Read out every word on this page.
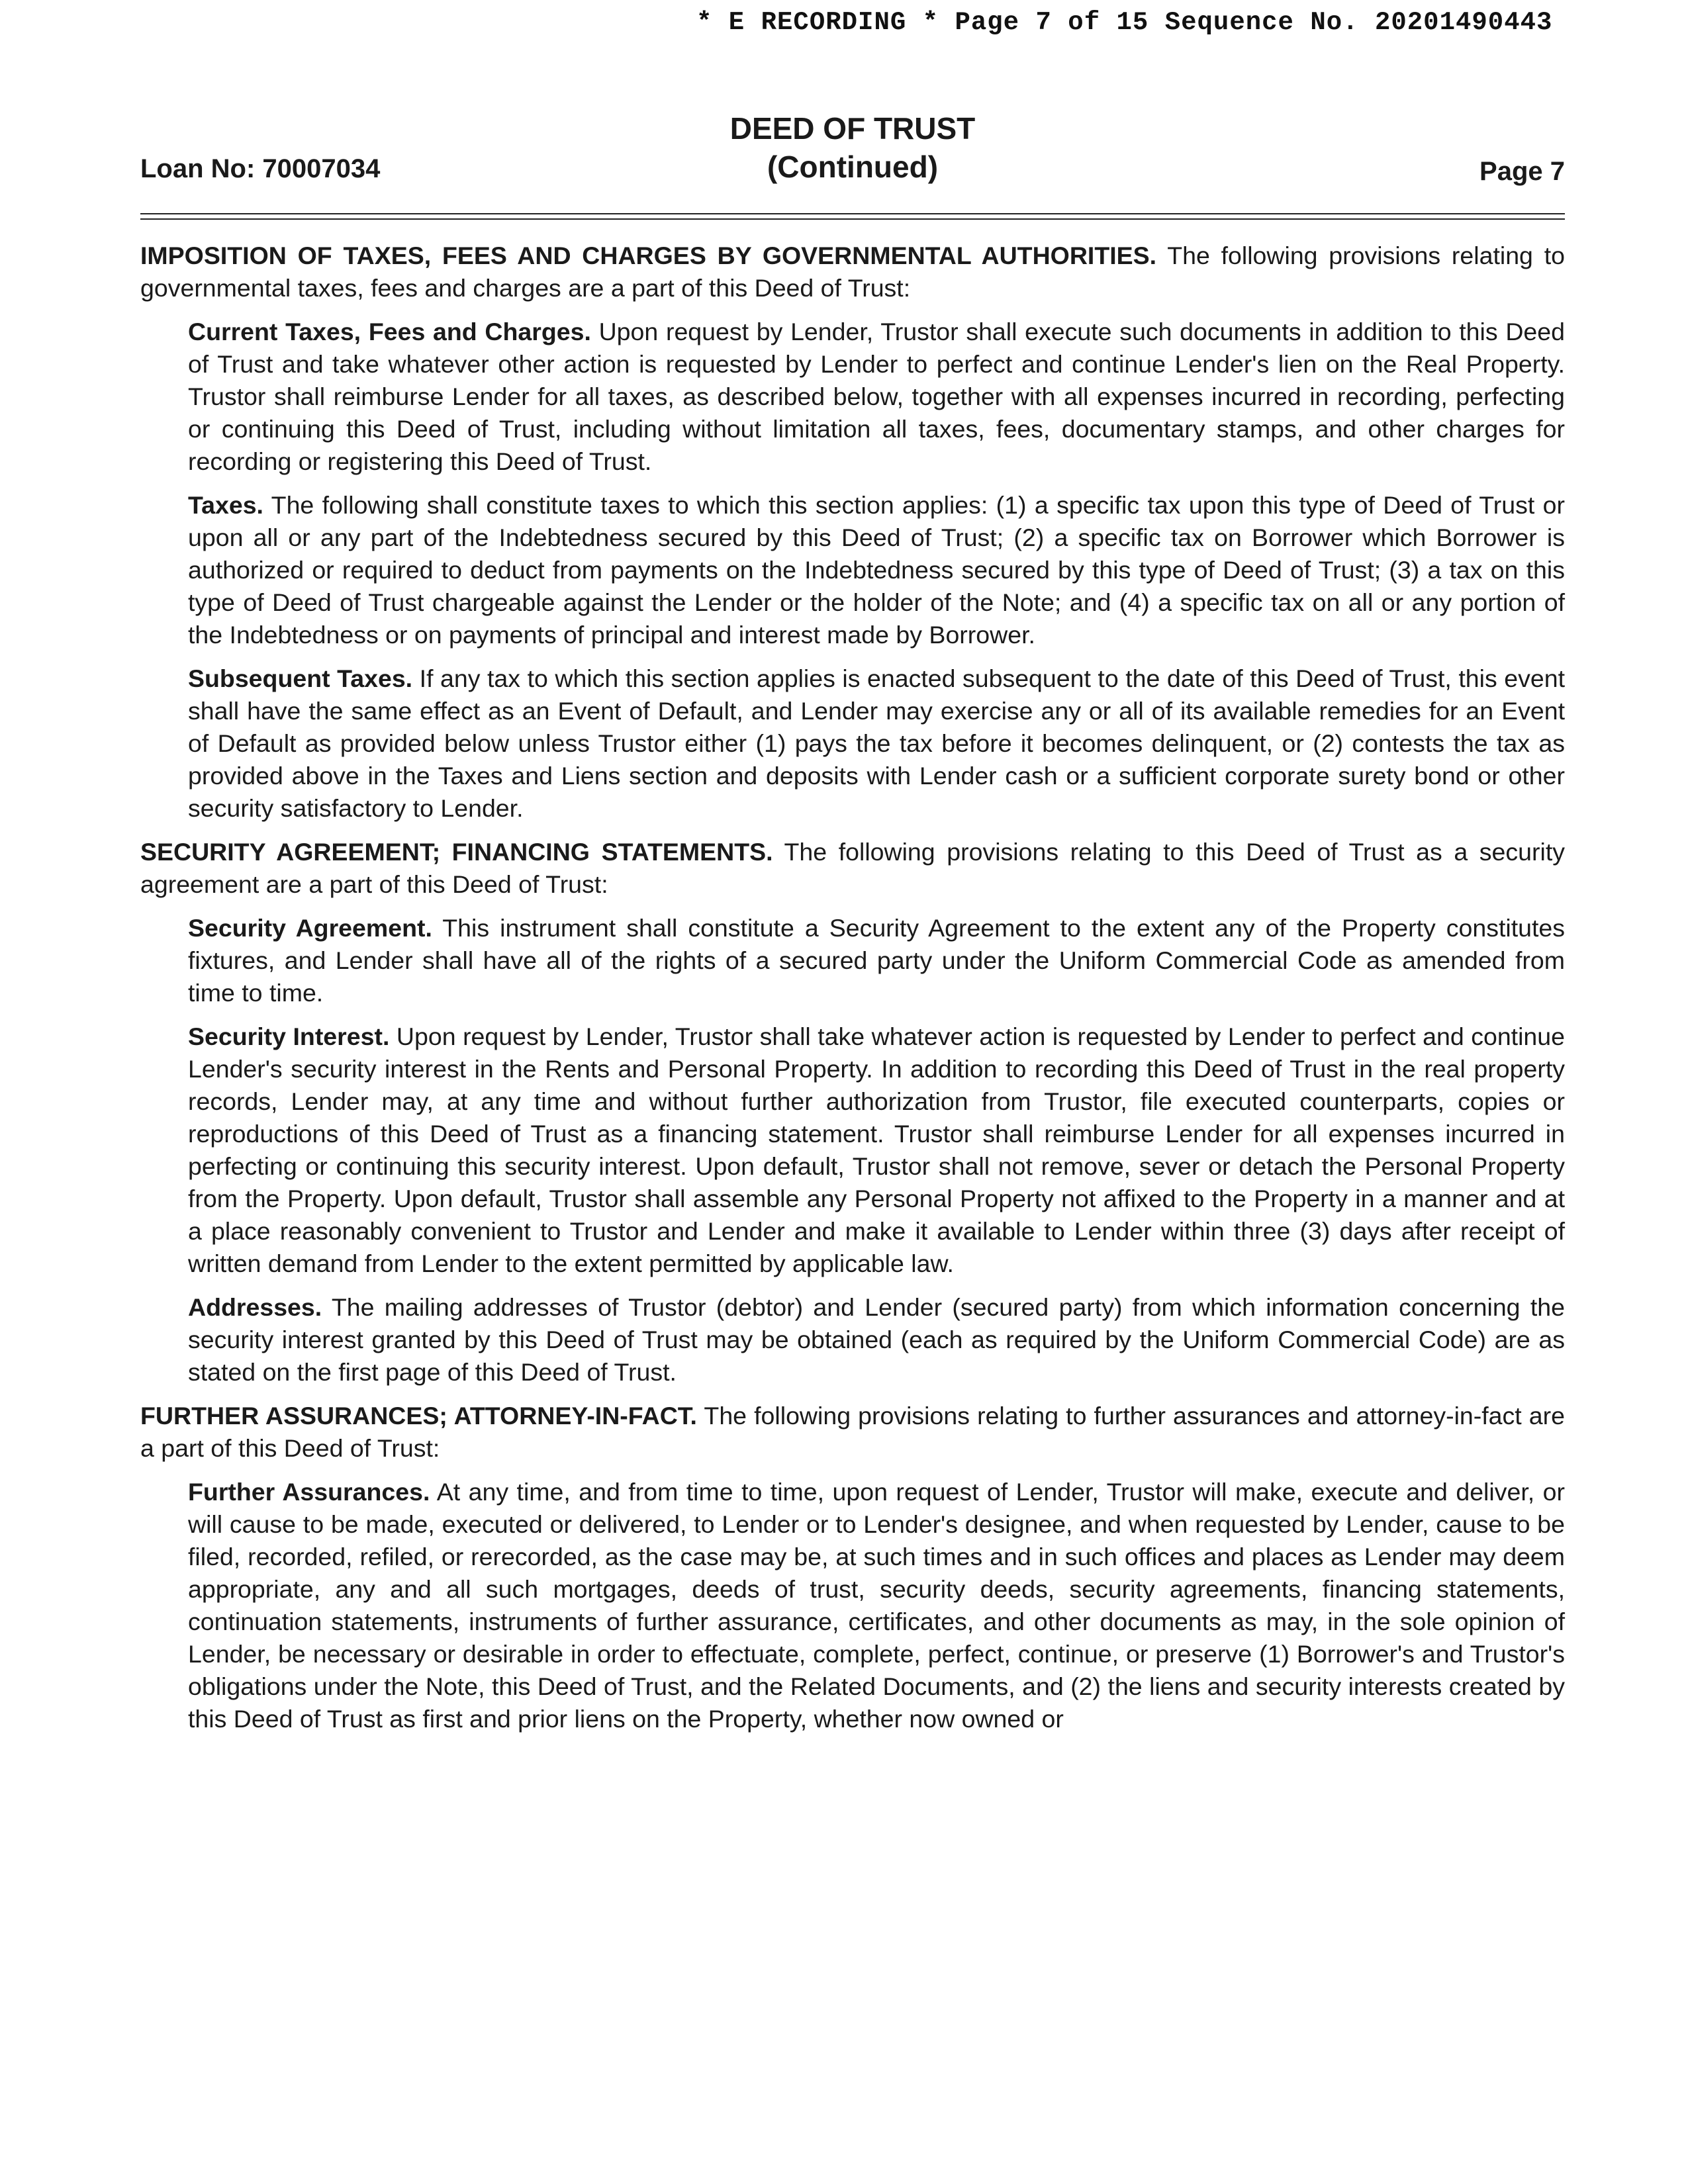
* E RECORDING * Page 7 of 15 Sequence No. 20201490443
Loan No: 70007034
DEED OF TRUST
(Continued)	Page 7

IMPOSITION OF TAXES, FEES AND CHARGES BY GOVERNMENTAL AUTHORITIES. The following provisions relating to governmental taxes, fees and charges are a part of this Deed of Trust:

Current Taxes, Fees and Charges. Upon request by Lender, Trustor shall execute such documents in addition to this Deed of Trust and take whatever other action is requested by Lender to perfect and continue Lender's lien on the Real Property. Trustor shall reimburse Lender for all taxes, as described below, together with all expenses incurred in recording, perfecting or continuing this Deed of Trust, including without limitation all taxes, fees, documentary stamps, and other charges for recording or registering this Deed of Trust.

Taxes. The following shall constitute taxes to which this section applies: (1) a specific tax upon this type of Deed of Trust or upon all or any part of the Indebtedness secured by this Deed of Trust; (2) a specific tax on Borrower which Borrower is authorized or required to deduct from payments on the Indebtedness secured by this type of Deed of Trust; (3) a tax on this type of Deed of Trust chargeable against the Lender or the holder of the Note; and (4) a specific tax on all or any portion of the Indebtedness or on payments of principal and interest made by Borrower.

Subsequent Taxes. If any tax to which this section applies is enacted subsequent to the date of this Deed of Trust, this event shall have the same effect as an Event of Default, and Lender may exercise any or all of its available remedies for an Event of Default as provided below unless Trustor either (1) pays the tax before it becomes delinquent, or (2) contests the tax as provided above in the Taxes and Liens section and deposits with Lender cash or a sufficient corporate surety bond or other security satisfactory to Lender.

SECURITY AGREEMENT; FINANCING STATEMENTS. The following provisions relating to this Deed of Trust as a security agreement are a part of this Deed of Trust:

Security Agreement. This instrument shall constitute a Security Agreement to the extent any of the Property constitutes fixtures, and Lender shall have all of the rights of a secured party under the Uniform Commercial Code as amended from time to time.

Security Interest. Upon request by Lender, Trustor shall take whatever action is requested by Lender to perfect and continue Lender's security interest in the Rents and Personal Property. In addition to recording this Deed of Trust in the real property records, Lender may, at any time and without further authorization from Trustor, file executed counterparts, copies or reproductions of this Deed of Trust as a financing statement. Trustor shall reimburse Lender for all expenses incurred in perfecting or continuing this security interest. Upon default, Trustor shall not remove, sever or detach the Personal Property from the Property. Upon default, Trustor shall assemble any Personal Property not affixed to the Property in a manner and at a place reasonably convenient to Trustor and Lender and make it available to Lender within three (3) days after receipt of written demand from Lender to the extent permitted by applicable law.

Addresses. The mailing addresses of Trustor (debtor) and Lender (secured party) from which information concerning the security interest granted by this Deed of Trust may be obtained (each as required by the Uniform Commercial Code) are as stated on the first page of this Deed of Trust.

FURTHER ASSURANCES; ATTORNEY-IN-FACT. The following provisions relating to further assurances and attorney-in-fact are a part of this Deed of Trust:

Further Assurances. At any time, and from time to time, upon request of Lender, Trustor will make, execute and deliver, or will cause to be made, executed or delivered, to Lender or to Lender's designee, and when requested by Lender, cause to be filed, recorded, refiled, or rerecorded, as the case may be, at such times and in such offices and places as Lender may deem appropriate, any and all such mortgages, deeds of trust, security deeds, security agreements, financing statements, continuation statements, instruments of further assurance, certificates, and other documents as may, in the sole opinion of Lender, be necessary or desirable in order to effectuate, complete, perfect, continue, or preserve (1) Borrower's and Trustor's obligations under the Note, this Deed of Trust, and the Related Documents, and (2) the liens and security interests created by this Deed of Trust as first and prior liens on the Property, whether now owned or
